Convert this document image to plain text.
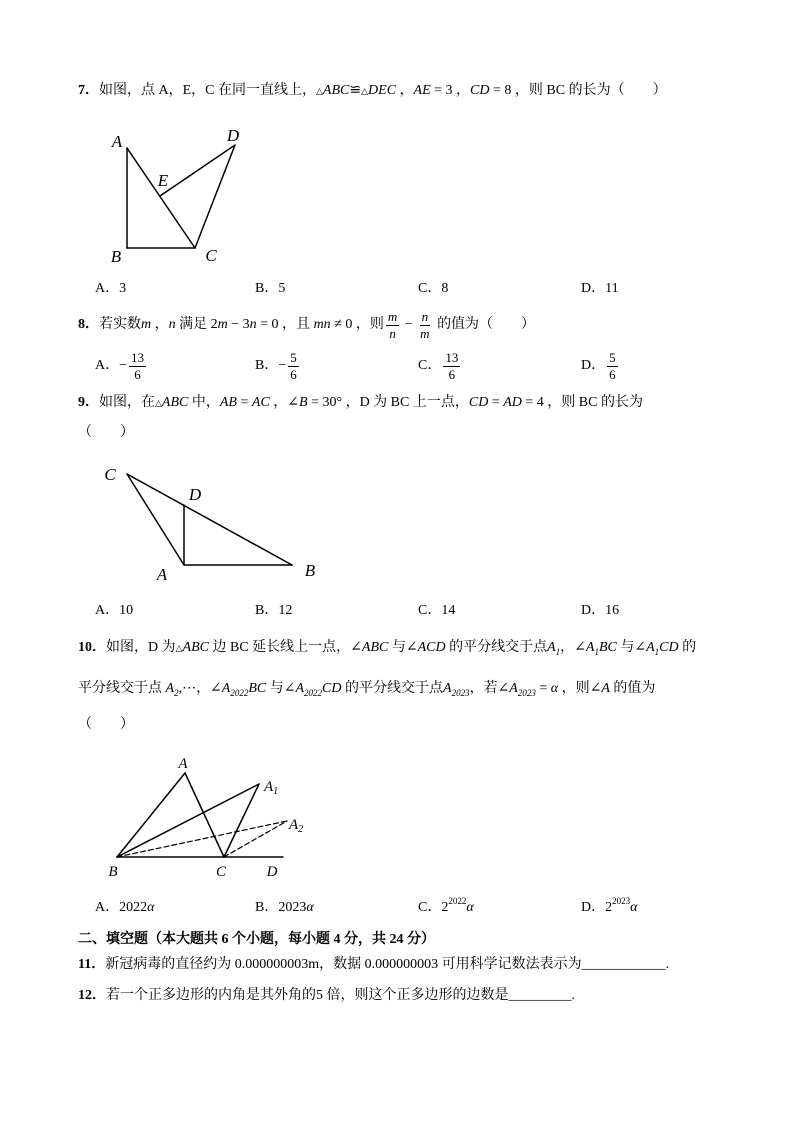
7． 如图，点 A，E，C 在同一直线上， △ ABC ≌ △ DEC ， AE = 3 ， CD = 8 ，则 BC 的长为（　　）
A	D
E
B	C
A．3	B．5	C．8	D．11
8． 若实数 m ， n 满足 2 m − 3 n = 0 ，且 mn ≠ 0 ，则 $\frac{m}{n} - \frac{n}{m}$ 的值为（　　）
A．− $\frac{13}{6}$	B．− $\frac{5}{6}$	C． $\frac{13}{6}$	D． $\frac{5}{6}$
9． 如图，在 △ ABC 中， AB = AC ，∠ B = 30° ，D 为 BC 上一点， CD = AD = 4 ，则 BC 的长为
（　　）
C
D
A	B
A．10	B．12	C．14	D．16
10． 如图，D 为 △ ABC 边 BC 延长线上一点，∠ ABC 与∠ ACD 的平分线交于点 A 1 ，∠ A 1 BC 与∠ A 1 CD 的
平分线交于点 A 2 ,⋯，∠ A 2022 BC 与∠ A 2022 CD 的平分线交于点 A 2023 ，若∠ A 2023 = α ，则∠ A 的值为
（　　）
A
$A_1$
$A_2$
B	C	D
A．2022 α	B．2023 α	C．2 2022 α	D．2 2023 α
二、填空题（本大题共 6 个小题，每小题 4 分，共 24 分）
11． 新冠病毒的直径约为 0.000000003m，数据 0.000000003 可用科学记数法表示为____________.
12． 若一个正多边形的内角是其外角的5 倍，则这个正多边形的边数是_________.
